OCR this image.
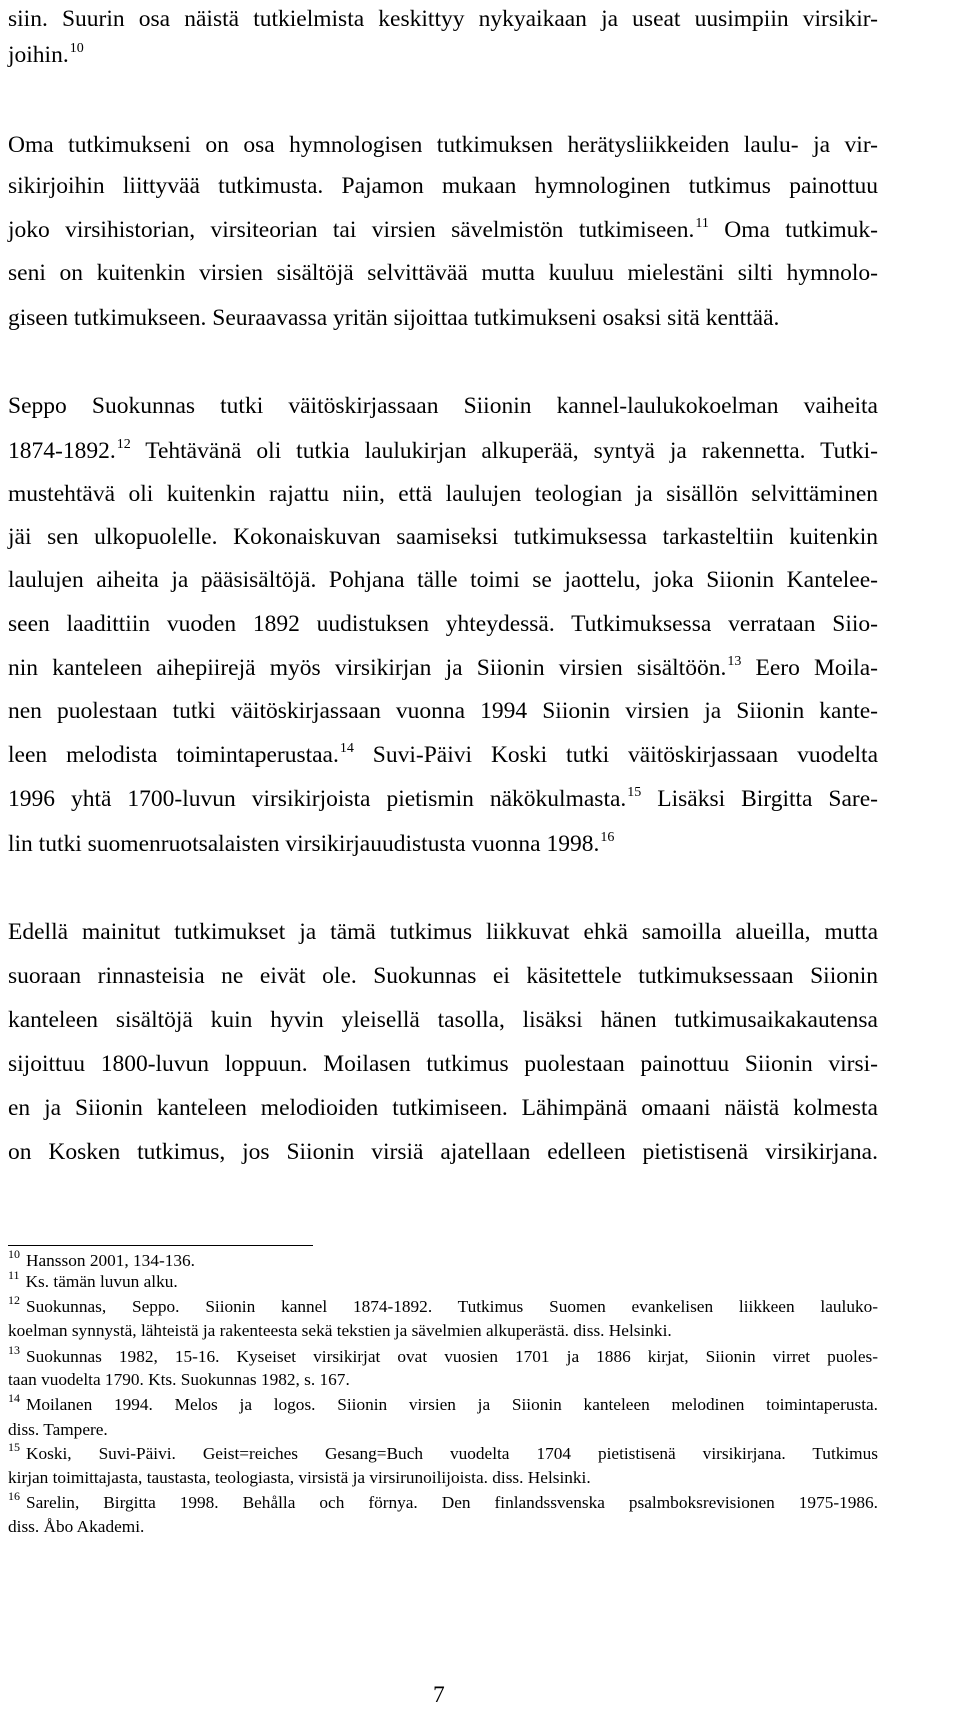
siin. Suurin osa näistä tutkielmista keskittyy nykyaikaan ja useat uusimpiin virsikir-
joihin.$^{10}$
Oma tutkimukseni on osa hymnologisen tutkimuksen herätysliikkeiden laulu- ja vir-
sikirjoihin liittyvää tutkimusta. Pajamon mukaan hymnologinen tutkimus painottuu
joko virsihistorian, virsiteorian tai virsien sävelmistön tutkimiseen.$^{11}$ Oma tutkimuk-
seni on kuitenkin virsien sisältöjä selvittävää mutta kuuluu mielestäni silti hymnolo-
giseen tutkimukseen. Seuraavassa yritän sijoittaa tutkimukseni osaksi sitä kenttää.
Seppo Suokunnas tutki väitöskirjassaan Siionin kannel-laulukokoelman vaiheita
1874-1892.12 Tehtävänä oli tutkia laulukirjan alkuperää, syntyä ja rakennetta. Tutki-
mustehtävä oli kuitenkin rajattu niin, että laulujen teologian ja sisällön selvittäminen
jäi sen ulkopuolelle. Kokonaiskuvan saamiseksi tutkimuksessa tarkasteltiin kuitenkin
laulujen aiheita ja pääsisältöjä. Pohjana tälle toimi se jaottelu, joka Siionin Kantelee-
seen laadittiin vuoden 1892 uudistuksen yhteydessä. Tutkimuksessa verrataan Siio-
nin kanteleen aihepiirejä myös virsikirjan ja Siionin virsien sisältöön.$^{13}$ Eero Moila-
nen puolestaan tutki väitöskirjassaan vuonna 1994 Siionin virsien ja Siionin kante-
leen melodista toimintaperustaa.$^{14}$ Suvi-Päivi Koski tutki väitöskirjassaan vuodelta
1996 yhtä 1700-luvun virsikirjoista pietismin näkökulmasta.$^{15}$ Lisäksi Birgitta Sare-
lin tutki suomenruotsalaisten virsikirjauudistusta vuonna 1998.16
Edellä mainitut tutkimukset ja tämä tutkimus liikkuvat ehkä samoilla alueilla, mutta
suoraan rinnasteisia ne eivät ole. Suokunnas ei käsitettele tutkimuksessaan Siionin
kanteleen sisältöjä kuin hyvin yleisellä tasolla, lisäksi hänen tutkimusaikakautensa
sijoittuu 1800-luvun loppuun. Moilasen tutkimus puolestaan painottuu Siionin virsi-
en ja Siionin kanteleen melodioiden tutkimiseen. Lähimpänä omaani näistä kolmesta
on Kosken tutkimus, jos Siionin virsiä ajatellaan edelleen pietistisenä virsikirjana.
$^{10}$ Hansson 2001, 134-136.
$^{11}$ Ks. tämän luvun alku.
$^{12}$ Suokunnas, Seppo. Siionin kannel 1874-1892. Tutkimus Suomen evankelisen liikkeen lauluko-
koelman synnystä, lähteistä ja rakenteesta sekä tekstien ja sävelmien alkuperästä. diss. Helsinki.
$^{13}$ Suokunnas 1982, 15-16. Kyseiset virsikirjat ovat vuosien 1701 ja 1886 kirjat, Siionin virret puoles-
taan vuodelta 1790. Kts. Suokunnas 1982, s. 167.
$^{14}$ Moilanen 1994. Melos ja logos. Siionin virsien ja Siionin kanteleen melodinen toimintaperusta.
diss. Tampere.
$^{15}$ Koski, Suvi-Päivi. Geist=reiches Gesang=Buch vuodelta 1704 pietistisenä virsikirjana. Tutkimus
kirjan toimittajasta, taustasta, teologiasta, virsistä ja virsirunoilijoista. diss. Helsinki.
$^{16}$ Sarelin, Birgitta 1998. Behålla och förnya. Den finlandssvenska psalmboksrevisionen 1975-1986.
diss. Åbo Akademi.
7
